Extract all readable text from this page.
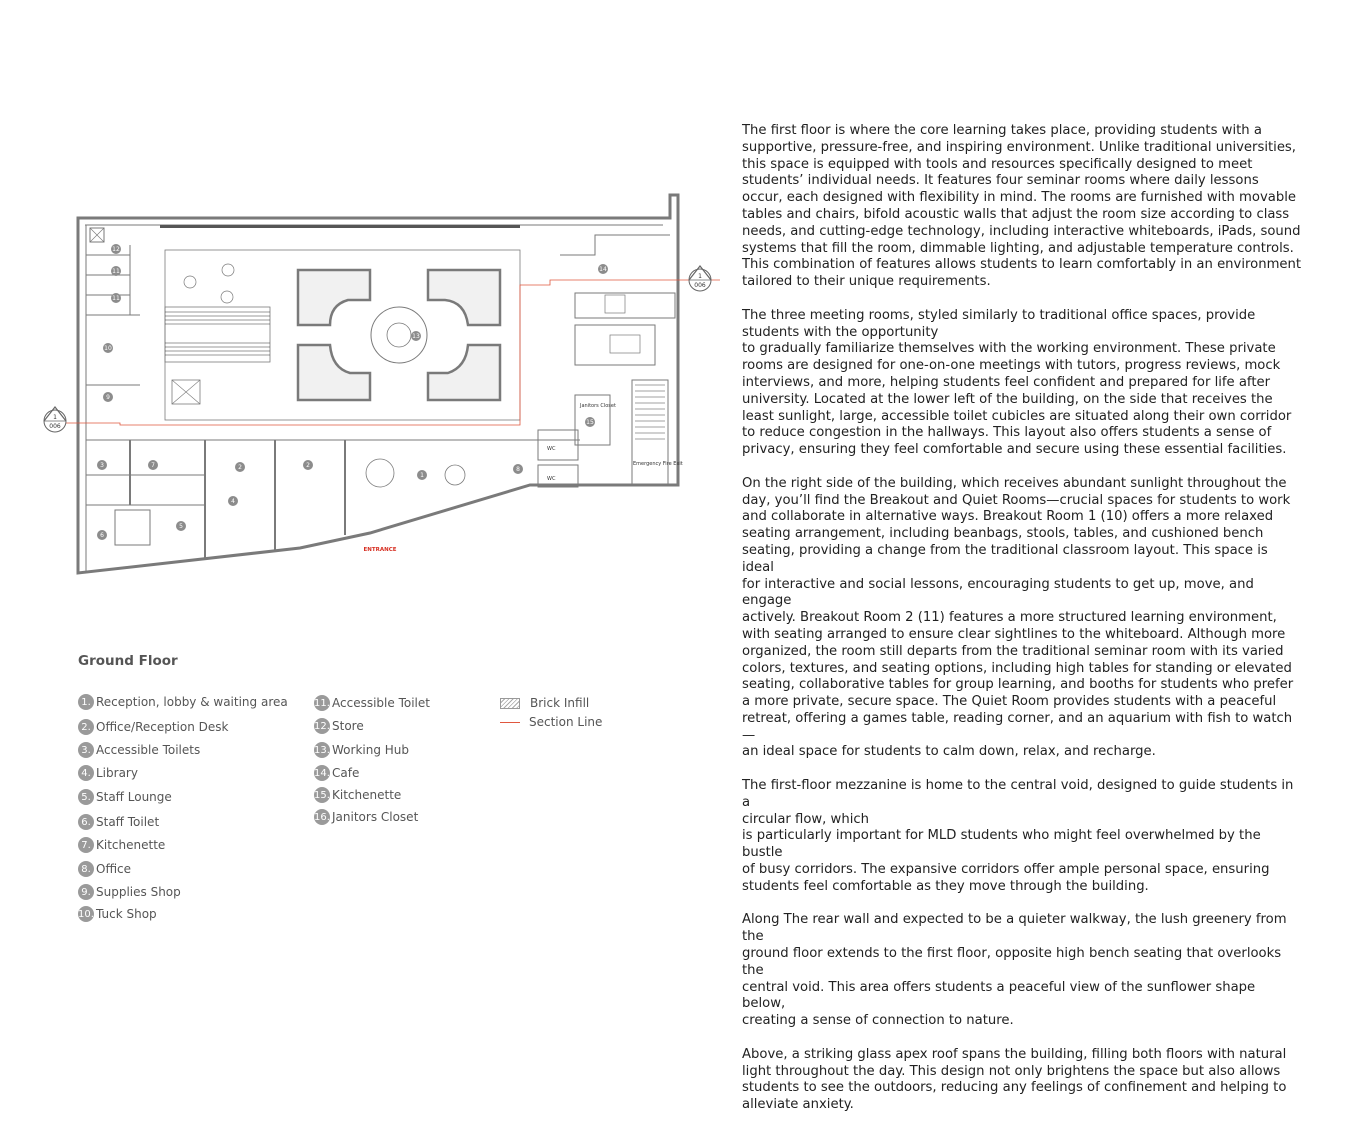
1
006
1
006
12
11
11
10
9
13
14
15
1
2	2
3
4
5
6
7
8
Janitors Closet
WC
WC
Emergency Fire Exit
ENTRANCE
Ground Floor
1. Reception, lobby & waiting area
2. Office/Reception Desk
3. Accessible Toilets
4. Library
5. Staff Lounge
6. Staff Toilet
7. Kitchenette
8. Office
9. Supplies Shop
10. Tuck Shop
11. Accessible Toilet
12. Store
13. Working Hub
14. Cafe
15. Kitchenette
16. Janitors Closet
Brick Infill
Section Line

The first floor is where the core learning takes place, providing students with a
supportive, pressure-free, and inspiring environment. Unlike traditional universities,
this space is equipped with tools and resources specifically designed to meet
students’ individual needs. It features four seminar rooms where daily lessons
occur, each designed with flexibility in mind. The rooms are furnished with movable
tables and chairs, bifold acoustic walls that adjust the room size according to class
needs, and cutting-edge technology, including interactive whiteboards, iPads, sound
systems that fill the room, dimmable lighting, and adjustable temperature controls.
This combination of features allows students to learn comfortably in an environment
tailored to their unique requirements.

The three meeting rooms, styled similarly to traditional office spaces, provide
students with the opportunity
to gradually familiarize themselves with the working environment. These private
rooms are designed for one-on-one meetings with tutors, progress reviews, mock
interviews, and more, helping students feel confident and prepared for life after
university. Located at the lower left of the building, on the side that receives the
least sunlight, large, accessible toilet cubicles are situated along their own corridor
to reduce congestion in the hallways. This layout also offers students a sense of
privacy, ensuring they feel comfortable and secure using these essential facilities.

On the right side of the building, which receives abundant sunlight throughout the
day, you’ll find the Breakout and Quiet Rooms—crucial spaces for students to work
and collaborate in alternative ways. Breakout Room 1 (10) offers a more relaxed
seating arrangement, including beanbags, stools, tables, and cushioned bench
seating, providing a change from the traditional classroom layout. This space is ideal
for interactive and social lessons, encouraging students to get up, move, and engage
actively. Breakout Room 2 (11) features a more structured learning environment,
with seating arranged to ensure clear sightlines to the whiteboard. Although more
organized, the room still departs from the traditional seminar room with its varied
colors, textures, and seating options, including high tables for standing or elevated
seating, collaborative tables for group learning, and booths for students who prefer
a more private, secure space. The Quiet Room provides students with a peaceful
retreat, offering a games table, reading corner, and an aquarium with fish to watch—
an ideal space for students to calm down, relax, and recharge.

The first-floor mezzanine is home to the central void, designed to guide students in a
circular flow, which
is particularly important for MLD students who might feel overwhelmed by the bustle
of busy corridors. The expansive corridors offer ample personal space, ensuring
students feel comfortable as they move through the building.

Along The rear wall and expected to be a quieter walkway, the lush greenery from the
ground floor extends to the first floor, opposite high bench seating that overlooks the
central void. This area offers students a peaceful view of the sunflower shape below,
creating a sense of connection to nature.

Above, a striking glass apex roof spans the building, filling both floors with natural
light throughout the day. This design not only brightens the space but also allows
students to see the outdoors, reducing any feelings of confinement and helping to
alleviate anxiety.
